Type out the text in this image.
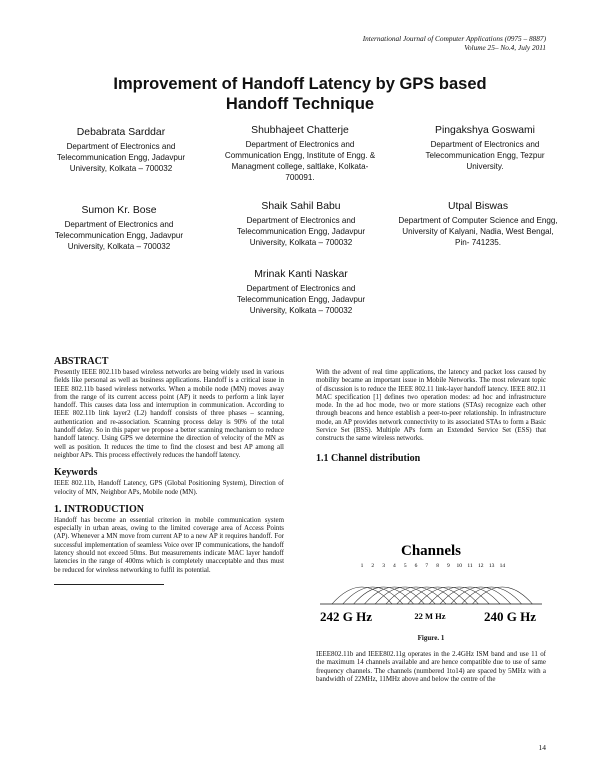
International Journal of Computer Applications (0975 – 8887)
Volume 25– No.4, July 2011
Improvement of Handoff Latency by GPS based
Handoff Technique
Debabrata Sarddar
Department of Electronics and Telecommunication Engg, Jadavpur University, Kolkata – 700032
Shubhajeet Chatterje
Department of Electronics and Communication Engg, Institute of Engg. & Managment college, saltlake, Kolkata-700091.
Pingakshya Goswami
Department of Electronics and Telecommunication Engg, Tezpur University.
Sumon Kr. Bose
Department of Electronics and Telecommunication Engg, Jadavpur University, Kolkata – 700032
Shaik Sahil Babu
Department of Electronics and Telecommunication Engg, Jadavpur University, Kolkata – 700032
Utpal Biswas
Department of Computer Science and Engg, University of Kalyani, Nadia, West Bengal, Pin- 741235.
Mrinak Kanti Naskar
Department of Electronics and Telecommunication Engg, Jadavpur University, Kolkata – 700032
ABSTRACT

Presently IEEE 802.11b based wireless networks are being widely used in various fields like personal as well as business applications. Handoff is a critical issue in IEEE 802.11b based wireless networks. When a mobile node (MN) moves away from the range of its current access point (AP) it needs to perform a link layer handoff. This causes data loss and interruption in communication. According to IEEE 802.11b link layer2 (L2) handoff consists of three phases – scanning, authentication and re-association. Scanning process delay is 90% of the total handoff delay. So in this paper we propose a better scanning mechanism to reduce handoff latency. Using GPS we determine the direction of velocity of the MN as well as position. It reduces the time to find the closest and best AP among all neighbor APs. This process effectively reduces the handoff latency.

Keywords

IEEE 802.11b, Handoff Latency, GPS (Global Positioning System), Direction of velocity of MN, Neighbor APs, Mobile node (MN).

1. INTRODUCTION

Handoff has become an essential criterion in mobile communication system especially in urban areas, owing to the limited coverage area of Access Points (AP). Whenever a MN move from current AP to a new AP it requires handoff. For successful implementation of seamless Voice over IP communications, the handoff latency should not exceed 50ms. But measurements indicate MAC layer handoff latencies in the range of 400ms which is completely unacceptable and thus must be reduced for wireless networking to fulfil its potential.

With the advent of real time applications, the latency and packet loss caused by mobility became an important issue in Mobile Networks. The most relevant topic of discussion is to reduce the IEEE 802.11 link-layer handoff latency. IEEE 802.11 MAC specification [1] defines two operation modes: ad hoc and infrastructure mode. In the ad hoc mode, two or more stations (STAs) recognize each other through beacons and hence establish a peer-to-peer relationship. In infrastructure mode, an AP provides network connectivity to its associated STAs to form a Basic Service Set (BSS). Multiple APs form an Extended Service Set (ESS) that constructs the same wireless networks.

1.1 Channel distribution
Channels
1 2 3 4 5 6 7 8 9 10 11 12 13 14
242 G Hz	22 M Hz	240 G Hz
Figure. 1

IEEE802.11b and IEEE802.11g operates in the 2.4GHz ISM band and use 11 of the maximum 14 channels available and are hence compatible due to use of same frequency channels. The channels (numbered 1to14) are spaced by 5MHz with a bandwidth of 22MHz, 11MHz above and below the centre of the

14
